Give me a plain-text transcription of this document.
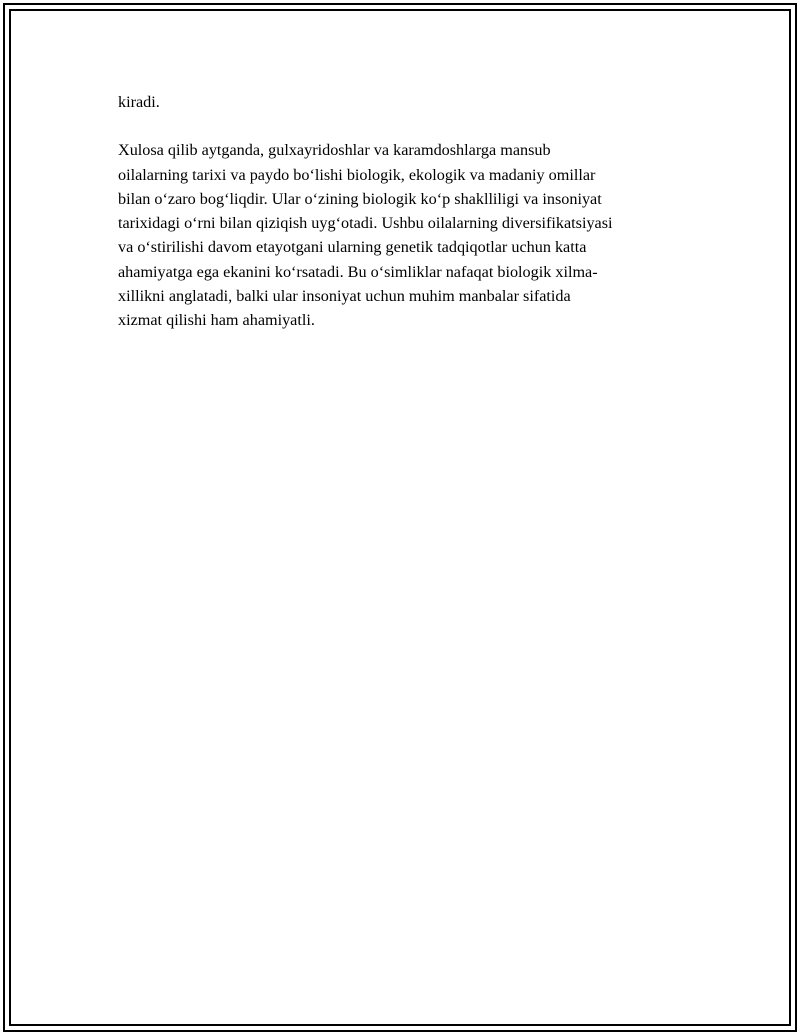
kiradi.

Xulosa qilib aytganda, gulxayridoshlar va karamdoshlarga mansub
oilalarning tarixi va paydo bo‘lishi biologik, ekologik va madaniy omillar
bilan o‘zaro bog‘liqdir. Ular o‘zining biologik ko‘p shaklliligi va insoniyat
tarixidagi o‘rni bilan qiziqish uyg‘otadi. Ushbu oilalarning diversifikatsiyasi
va o‘stirilishi davom etayotgani ularning genetik tadqiqotlar uchun katta
ahamiyatga ega ekanini ko‘rsatadi. Bu o‘simliklar nafaqat biologik xilma-
xillikni anglatadi, balki ular insoniyat uchun muhim manbalar sifatida
xizmat qilishi ham ahamiyatli.
